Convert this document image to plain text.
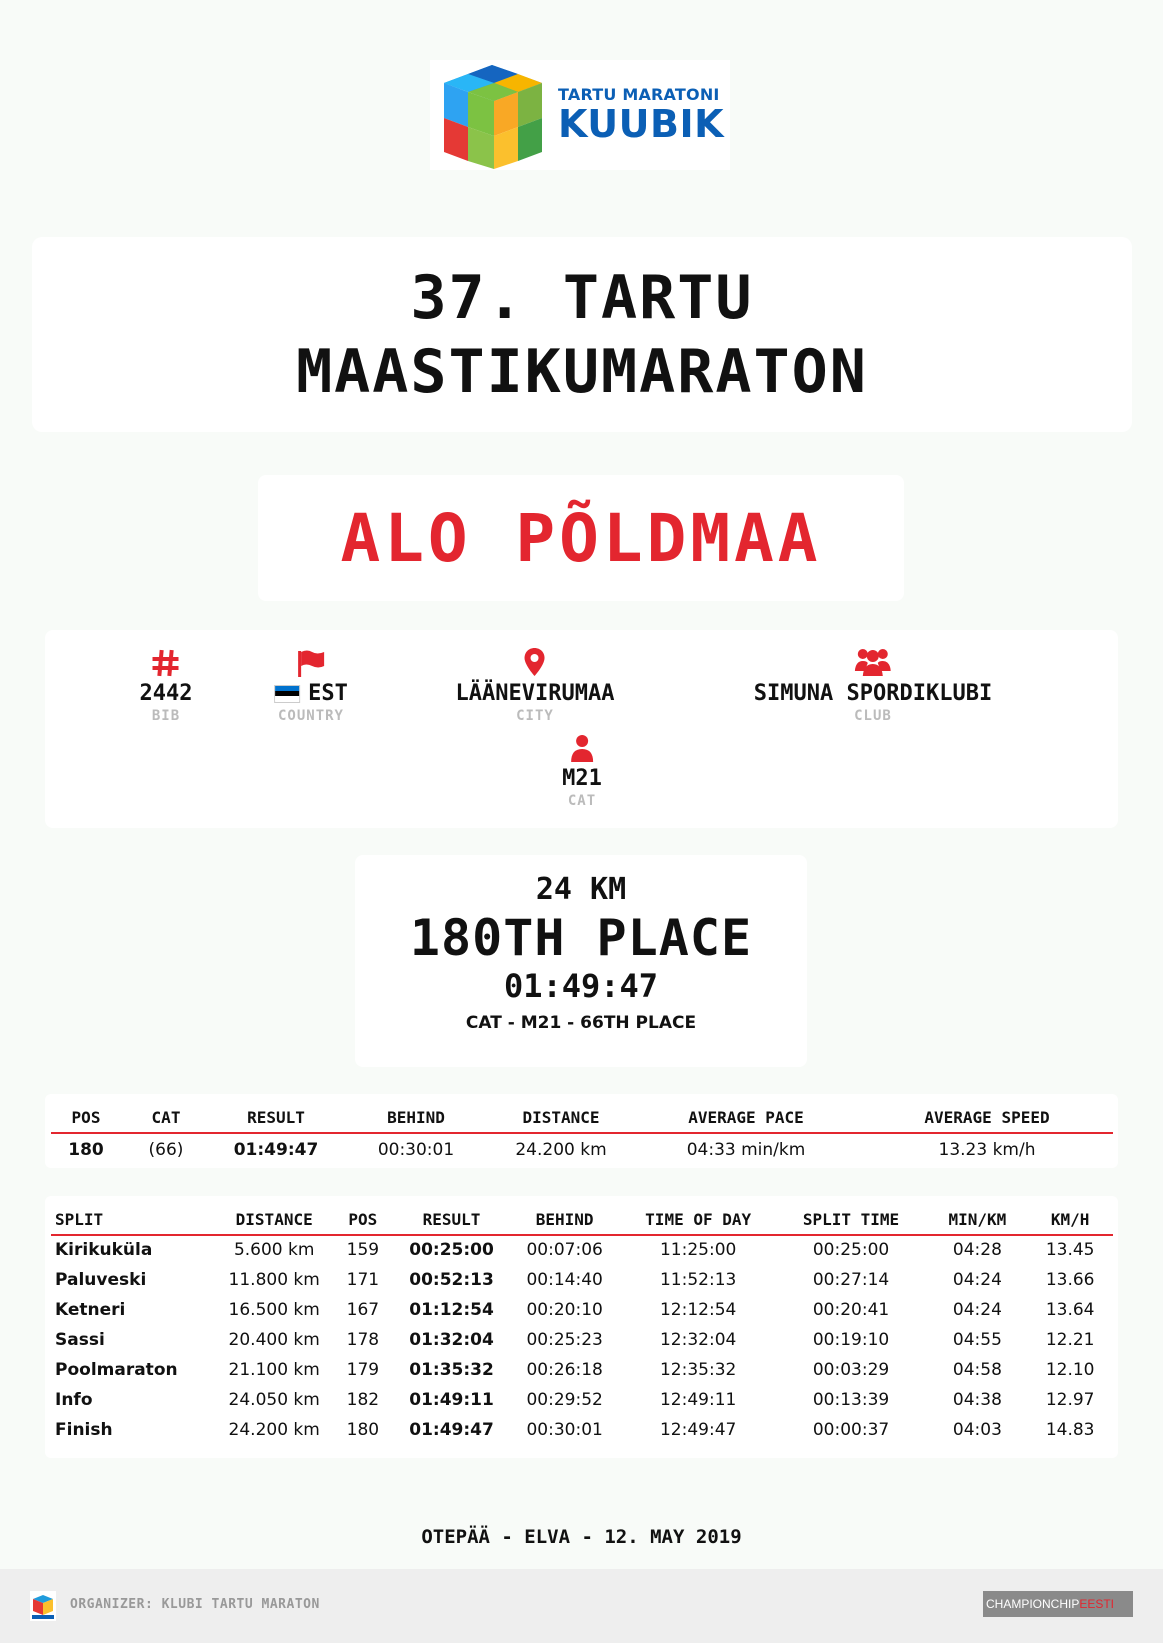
TARTU MARATONI
KUUBIK
37. TARTU
MAASTIKUMARATON
ALO PÕLDMAA
2442
BIB
EST
COUNTRY
LÄÄNEVIRUMAA
CITY
SIMUNA SPORDIKLUBI
CLUB
M21
CAT
24 KM
180TH PLACE
01:49:47
CAT - M21 - 66TH PLACE
POS	CAT	RESULT	BEHIND	DISTANCE	AVERAGE PACE	AVERAGE SPEED
180	(66)	01:49:47	00:30:01	24.200 km	04:33 min/km	13.23 km/h
SPLIT	DISTANCE	POS	RESULT	BEHIND	TIME OF DAY	SPLIT TIME	MIN/KM	KM/H
Kirikuküla	5.600 km	159	00:25:00	00:07:06	11:25:00	00:25:00	04:28	13.45
Paluveski	11.800 km	171	00:52:13	00:14:40	11:52:13	00:27:14	04:24	13.66
Ketneri	16.500 km	167	01:12:54	00:20:10	12:12:54	00:20:41	04:24	13.64
Sassi	20.400 km	178	01:32:04	00:25:23	12:32:04	00:19:10	04:55	12.21
Poolmaraton	21.100 km	179	01:35:32	00:26:18	12:35:32	00:03:29	04:58	12.10
Info	24.050 km	182	01:49:11	00:29:52	12:49:11	00:13:39	04:38	12.97
Finish	24.200 km	180	01:49:47	00:30:01	12:49:47	00:00:37	04:03	14.83
OTEPÄÄ - ELVA - 12. MAY 2019
ORGANIZER: KLUBI TARTU MARATON	CHAMPIONCHIP EESTI
